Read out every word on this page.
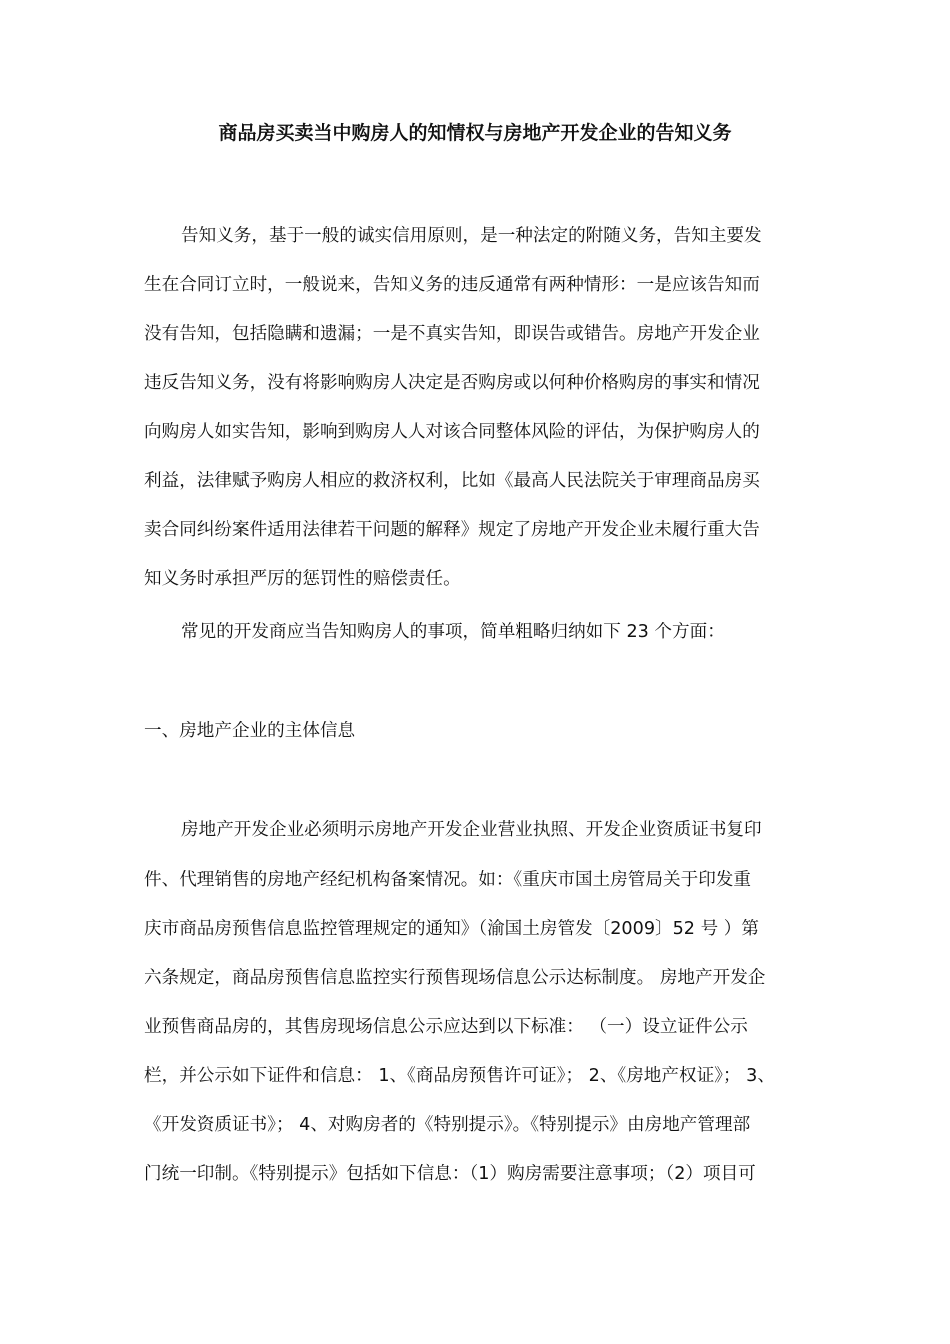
商品房买卖当中购房人的知情权与房地产开发企业的告知义务

告知义务，基于一般的诚实信用原则，是一种法定的附随义务，告知主要发

生在合同订立时，一般说来，告知义务的违反通常有两种情形：一是应该告知而

没有告知，包括隐瞒和遗漏；一是不真实告知，即误告或错告。房地产开发企业

违反告知义务，没有将影响购房人决定是否购房或以何种价格购房的事实和情况

向购房人如实告知，影响到购房人人对该合同整体风险的评估，为保护购房人的

利益，法律赋予购房人相应的救济权利，比如《最高人民法院关于审理商品房买

卖合同纠纷案件适用法律若干问题的解释》规定了房地产开发企业未履行重大告

知义务时承担严厉的惩罚性的赔偿责任。

常见的开发商应当告知购房人的事项，简单粗略归纳如下 23 个方面：

一、房地产企业的主体信息

房地产开发企业必须明示房地产开发企业营业执照、开发企业资质证书复印

件、代理销售的房地产经纪机构备案情况。如：《重庆市国土房管局关于印发重

庆市商品房预售信息监控管理规定的通知》（渝国土房管发〔2009〕52 号 ）第

六条规定，商品房预售信息监控实行预售现场信息公示达标制度。 房地产开发企

业预售商品房的，其售房现场信息公示应达到以下标准： （一）设立证件公示

栏，并公示如下证件和信息： 1、《商品房预售许可证》； 2、《房地产权证》； 3、

《开发资质证书》； 4、对购房者的《特别提示》。《特别提示》由房地产管理部

门统一印制。《特别提示》包括如下信息：（1）购房需要注意事项；（2）项目可
